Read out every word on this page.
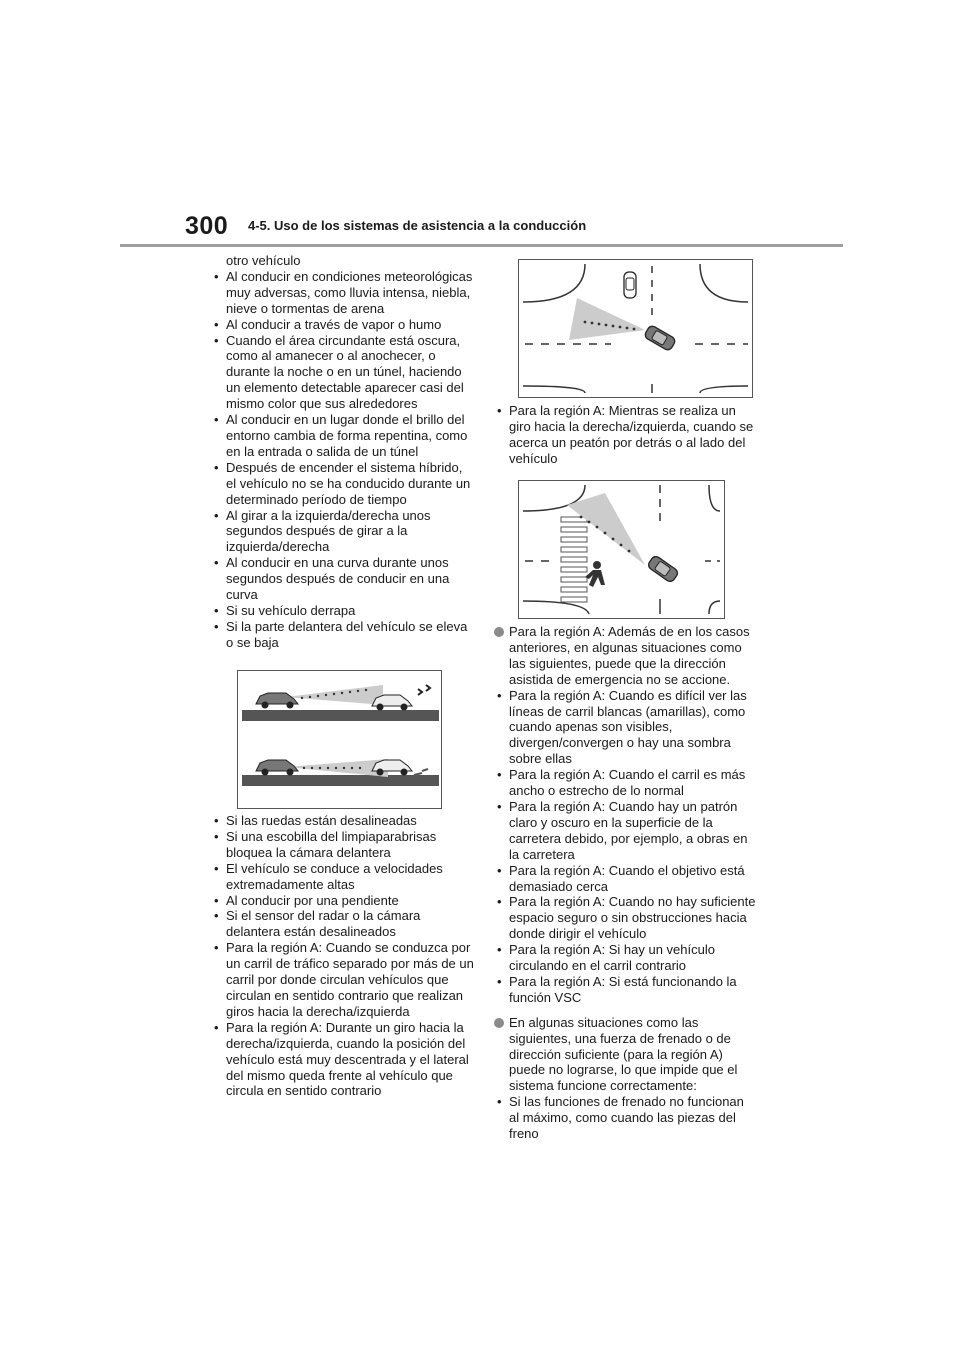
300 4-5. Uso de los sistemas de asistencia a la conducción
otro vehículo
• Al conducir en condiciones meteorológicas muy adversas, como lluvia intensa, niebla, nieve o tormentas de arena
• Al conducir a través de vapor o humo
• Cuando el área circundante está oscura, como al amanecer o al anochecer, o durante la noche o en un túnel, haciendo un elemento detectable aparecer casi del mismo color que sus alrededores
• Al conducir en un lugar donde el brillo del entorno cambia de forma repentina, como en la entrada o salida de un túnel
• Después de encender el sistema híbrido, el vehículo no se ha conducido durante un determinado período de tiempo
• Al girar a la izquierda/derecha unos segundos después de girar a la izquierda/derecha
• Al conducir en una curva durante unos segundos después de conducir en una curva
• Si su vehículo derrapa
• Si la parte delantera del vehículo se eleva o se baja
• Si las ruedas están desalineadas
• Si una escobilla del limpiaparabrisas bloquea la cámara delantera
• El vehículo se conduce a velocidades extremadamente altas
• Al conducir por una pendiente
• Si el sensor del radar o la cámara delantera están desalineados
• Para la región A: Cuando se conduzca por un carril de tráfico separado por más de un carril por donde circulan vehículos que circulan en sentido contrario que realizan giros hacia la derecha/izquierda
• Para la región A: Durante un giro hacia la derecha/izquierda, cuando la posición del vehículo está muy descentrada y el lateral del mismo queda frente al vehículo que circula en sentido contrario
• Para la región A: Mientras se realiza un giro hacia la derecha/izquierda, cuando se acerca un peatón por detrás o al lado del vehículo
Para la región A: Además de en los casos anteriores, en algunas situaciones como las siguientes, puede que la dirección asistida de emergencia no se accione.
• Para la región A: Cuando es difícil ver las líneas de carril blancas (amarillas), como cuando apenas son visibles, divergen/convergen o hay una sombra sobre ellas
• Para la región A: Cuando el carril es más ancho o estrecho de lo normal
• Para la región A: Cuando hay un patrón claro y oscuro en la superficie de la carretera debido, por ejemplo, a obras en la carretera
• Para la región A: Cuando el objetivo está demasiado cerca
• Para la región A: Cuando no hay suficiente espacio seguro o sin obstrucciones hacia donde dirigir el vehículo
• Para la región A: Si hay un vehículo circulando en el carril contrario
• Para la región A: Si está funcionando la función VSC
En algunas situaciones como las siguientes, una fuerza de frenado o de dirección suficiente (para la región A) puede no lograrse, lo que impide que el sistema funcione correctamente:
• Si las funciones de frenado no funcionan al máximo, como cuando las piezas del freno
